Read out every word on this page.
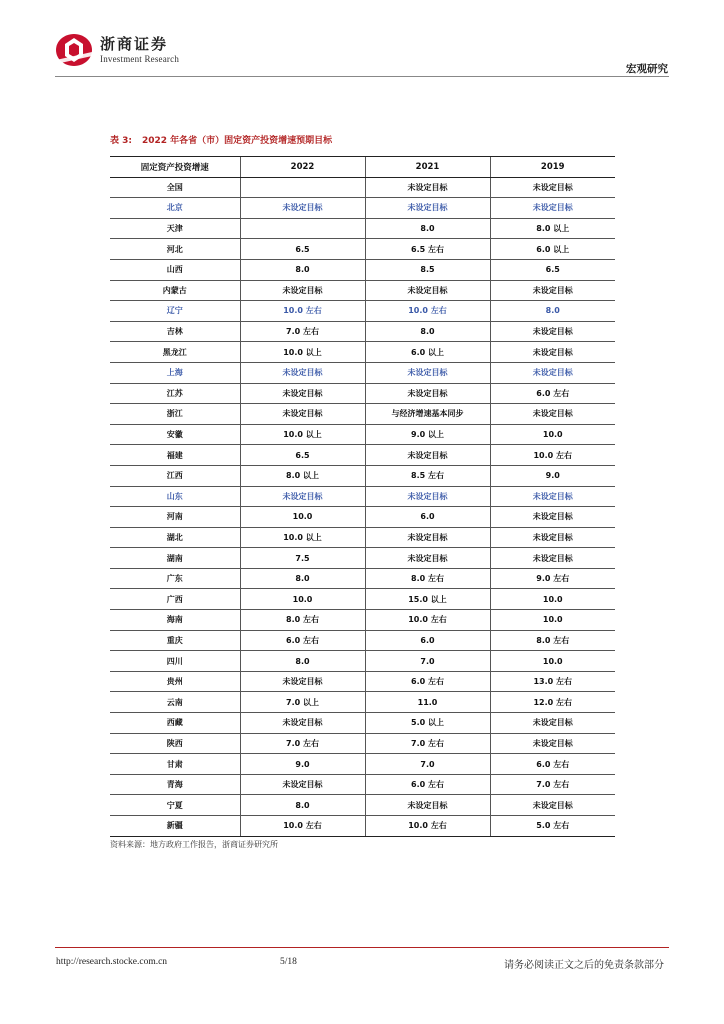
浙商证券
Investment Research
宏观研究
表 3: 2022 年各省（市）固定资产投资增速预期目标
固定资产投资增速	2022	2021	2019
全国		未设定目标	未设定目标
北京	未设定目标	未设定目标	未设定目标
天津		8.0	8.0 以上
河北	6.5	6.5 左右	6.0 以上
山西	8.0	8.5	6.5
内蒙古	未设定目标	未设定目标	未设定目标
辽宁	10.0 左右	10.0 左右	8.0
吉林	7.0 左右	8.0	未设定目标
黑龙江	10.0 以上	6.0 以上	未设定目标
上海	未设定目标	未设定目标	未设定目标
江苏	未设定目标	未设定目标	6.0 左右
浙江	未设定目标	与经济增速基本同步	未设定目标
安徽	10.0 以上	9.0 以上	10.0
福建	6.5	未设定目标	10.0 左右
江西	8.0 以上	8.5 左右	9.0
山东	未设定目标	未设定目标	未设定目标
河南	10.0	6.0	未设定目标
湖北	10.0 以上	未设定目标	未设定目标
湖南	7.5	未设定目标	未设定目标
广东	8.0	8.0 左右	9.0 左右
广西	10.0	15.0 以上	10.0
海南	8.0 左右	10.0 左右	10.0
重庆	6.0 左右	6.0	8.0 左右
四川	8.0	7.0	10.0
贵州	未设定目标	6.0 左右	13.0 左右
云南	7.0 以上	11.0	12.0 左右
西藏	未设定目标	5.0 以上	未设定目标
陕西	7.0 左右	7.0 左右	未设定目标
甘肃	9.0	7.0	6.0 左右
青海	未设定目标	6.0 左右	7.0 左右
宁夏	8.0	未设定目标	未设定目标
新疆	10.0 左右	10.0 左右	5.0 左右
资料来源：地方政府工作报告，浙商证券研究所
http://research.stocke.com.cn	5/18	请务必阅读正文之后的免责条款部分
